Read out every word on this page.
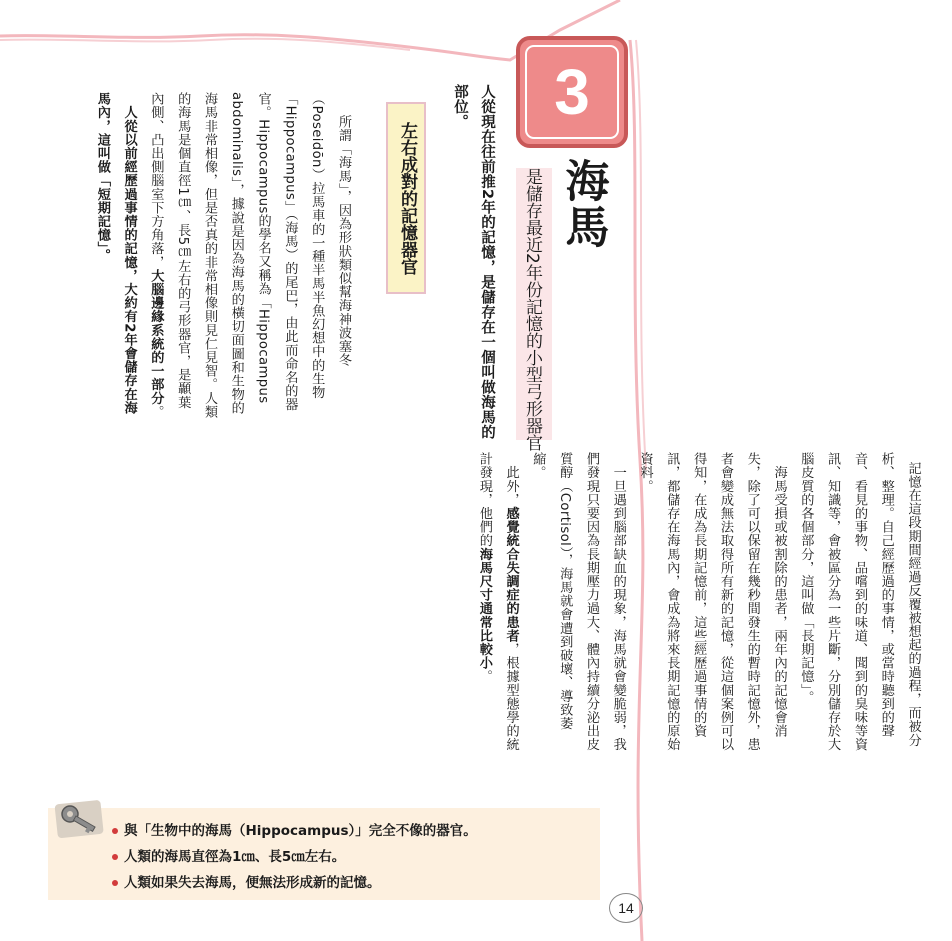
3

海馬

是儲存最近2年份記憶的小型弓形器官

人從現在往前推2年的記憶，是儲存在一個叫做海馬的部位。

左右成對的記憶器官

　所謂「海馬」，因為形狀類似幫海神波塞冬（Poseidōn）拉馬車的一種半馬半魚幻想中的生物「Hippocampus」（海馬）的尾巴，由此而命名的器官。Hippocampus的學名又稱為「Hippocampus abdominalis」，據說是因為海馬的橫切面圖和生物的海馬非常相像，但是否真的非常相像則見仁見智。人類的海馬是個直徑1㎝、長5㎝左右的弓形器官，是顳葉內側、凸出側腦室下方角落，大腦邊緣系統的一部分。
　人從以前經歷過事情的記憶，大約有2年會儲存在海馬內，這叫做「短期記憶」。

記憶在這段期間經過反覆被想起的過程，而被分析、整理。自己經歷過的事情，或當時聽到的聲音、看見的事物、品嚐到的味道、聞到的臭味等資訊、知識等，會被區分為一些片斷，分別儲存於大腦皮質的各個部分，這叫做「長期記憶」。
　海馬受損或被割除的患者，兩年內的記憶會消失，除了可以保留在幾秒間發生的暫時記憶外，患者會變成無法取得所有新的記憶，從這個案例可以得知，在成為長期記憶前，這些經歷過事情的資訊，都儲存在海馬內，會成為將來長期記憶的原始資料。
　一旦遇到腦部缺血的現象，海馬就會變脆弱，我們發現只要因為長期壓力過大、體內持續分泌出皮質醇（Cortisol），海馬就會遭到破壞、導致萎縮。
　此外，感覺統合失調症的患者，根據型態學的統計發現，他們的海馬尺寸通常比較小。

與「生物中的海馬（Hippocampus）」完全不像的器官。
人類的海馬直徑為1㎝、長5㎝左右。
人類如果失去海馬，便無法形成新的記憶。
14
